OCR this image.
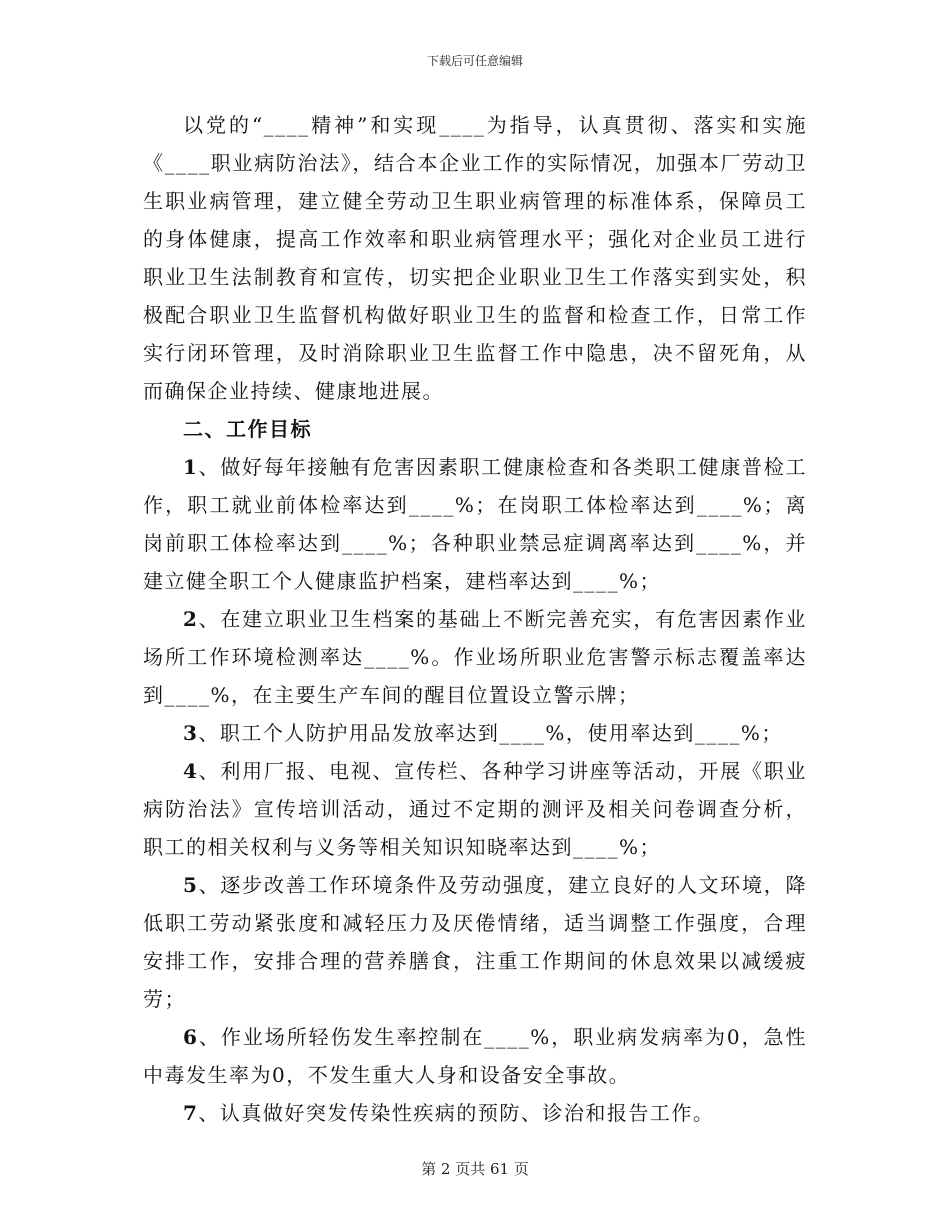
下载后可任意编辑

以党的“____精神”和实现____为指导，认真贯彻、落实和实施《____职业病防治法》，结合本企业工作的实际情况，加强本厂劳动卫生职业病管理，建立健全劳动卫生职业病管理的标准体系，保障员工的身体健康，提高工作效率和职业病管理水平；强化对企业员工进行职业卫生法制教育和宣传，切实把企业职业卫生工作落实到实处，积极配合职业卫生监督机构做好职业卫生的监督和检查工作，日常工作实行闭环管理，及时消除职业卫生监督工作中隐患，决不留死角，从而确保企业持续、健康地进展。

二、工作目标

1、做好每年接触有危害因素职工健康检查和各类职工健康普检工作，职工就业前体检率达到____%；在岗职工体检率达到____%；离岗前职工体检率达到____%；各种职业禁忌症调离率达到____%，并建立健全职工个人健康监护档案，建档率达到____%；

2、在建立职业卫生档案的基础上不断完善充实，有危害因素作业场所工作环境检测率达____%。作业场所职业危害警示标志覆盖率达到____%，在主要生产车间的醒目位置设立警示牌；

3、职工个人防护用品发放率达到____%，使用率达到____%；

4、利用厂报、电视、宣传栏、各种学习讲座等活动，开展《职业病防治法》宣传培训活动，通过不定期的测评及相关问卷调查分析，职工的相关权利与义务等相关知识知晓率达到____%；

5、逐步改善工作环境条件及劳动强度，建立良好的人文环境，降低职工劳动紧张度和减轻压力及厌倦情绪，适当调整工作强度，合理安排工作，安排合理的营养膳食，注重工作期间的休息效果以减缓疲劳；

6、作业场所轻伤发生率控制在____%，职业病发病率为0，急性中毒发生率为0，不发生重大人身和设备安全事故。

7、认真做好突发传染性疾病的预防、诊治和报告工作。

第 2 页共 61 页
